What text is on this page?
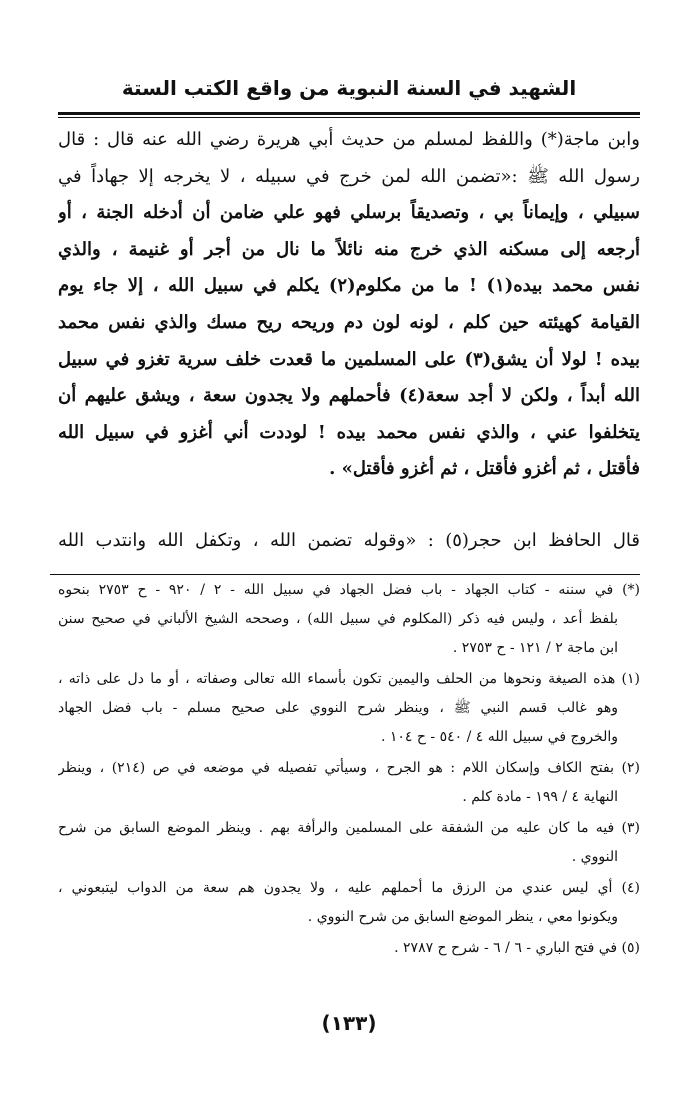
الشهيد في السنة النبوية من واقع الكتب الستة
وابن ماجة(*) واللفظ لمسلم من حديث أبي هريرة رضي الله عنه قال : قال
رسول الله ﷺ :«تضمن الله لمن خرج في سبيله ، لا يخرجه إلا جهاداً في
سبيلي ، وإيماناً بي ، وتصديقاً برسلي فهو علي ضامن أن أدخله الجنة ، أو
أرجعه إلى مسكنه الذي خرج منه نائلاً ما نال من أجر أو غنيمة ، والذي
نفس محمد بيده(١) ! ما من مكلوم(٢) يكلم في سبيل الله ، إلا جاء يوم
القيامة كهيئته حين كلم ، لونه لون دم وريحه ريح مسك والذي نفس محمد
بيده ! لولا أن يشق(٣) على المسلمين ما قعدت خلف سرية تغزو في سبيل
الله أبداً ، ولكن لا أجد سعة(٤) فأحملهم ولا يجدون سعة ، ويشق عليهم أن
يتخلفوا عني ، والذي نفس محمد بيده ! لوددت أني أغزو في سبيل الله
فأقتل ، ثم أغزو فأقتل ، ثم أغزو فأقتل» .
قال الحافظ ابن حجر(٥) : «وقوله تضمن الله ، وتكفل الله وانتدب الله
(*) في سننه - كتاب الجهاد - باب فضل الجهاد في سبيل الله - ٢ / ٩٢٠ - ح ٢٧٥٣ بنحوه
بلفظ أعد ، وليس فيه ذكر (المكلوم في سبيل الله) ، وصححه الشيخ الألباني في صحيح سنن
ابن ماجة ٢ / ١٢١ - ح ٢٧٥٣ .
(١) هذه الصيغة ونحوها من الحلف واليمين تكون بأسماء الله تعالى وصفاته ، أو ما دل على ذاته ،
وهو غالب قسم النبي ﷺ ، وينظر شرح النووي على صحيح مسلم - باب فضل الجهاد
والخروج في سبيل الله ٤ / ٥٤٠ - ح ١٠٤ .
(٢) بفتح الكاف وإسكان اللام : هو الجرح ، وسيأتي تفصيله في موضعه في ص (٢١٤) ، وينظر
النهاية ٤ / ١٩٩ - مادة كلم .
(٣) فيه ما كان عليه من الشفقة على المسلمين والرأفة بهم . وينظر الموضع السابق من شرح
النووي .
(٤) أي ليس عندي من الرزق ما أحملهم عليه ، ولا يجدون هم سعة من الدواب ليتبعوني ،
ويكونوا معي ، ينظر الموضع السابق من شرح النووي .
(٥) في فتح الباري - ٦ / ٦ - شرح ح ٢٧٨٧ .
(١٣٣)
